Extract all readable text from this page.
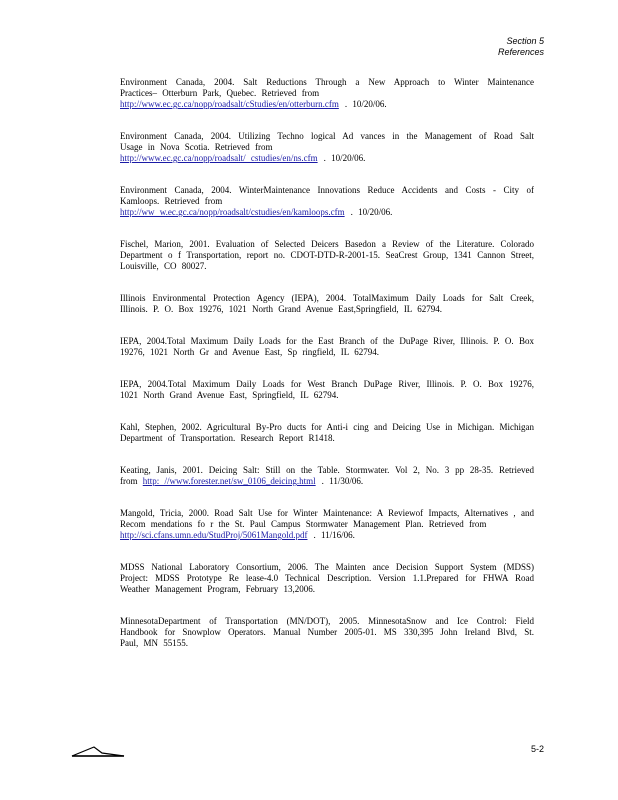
Section 5
References

Environment Canada, 2004. Salt Reductions Through a New Approach to Winter Maintenance Practices– Otterburn Park, Quebec. Retrieved from
http://www.ec.gc.ca/nopp/roadsalt/cStudies/en/otterburn.cfm . 10/20/06.

Environment Canada, 2004. Utilizing Techno logical Ad vances in the Management of Road Salt Usage in Nova Scotia. Retrieved from
http://www.ec.gc.ca/nopp/roadsalt/ cstudies/en/ns.cfm . 10/20/06.

Environment Canada, 2004. WinterMaintenance Innovations Reduce Accidents and Costs - City of Kamloops. Retrieved from
http://ww w.ec.gc.ca/nopp/roadsalt/cstudies/en/kamloops.cfm . 10/20/06.

Fischel, Marion, 2001. Evaluation of Selected Deicers Basedon a Review of the Literature. Colorado Department o f Transportation, report no. CDOT-DTD-R-2001-15. SeaCrest Group, 1341 Cannon Street, Louisville, CO 80027.

Illinois Environmental Protection Agency (IEPA), 2004. TotalMaximum Daily Loads for Salt Creek, Illinois. P. O. Box 19276, 1021 North Grand Avenue East,Springfield, IL 62794.

IEPA, 2004.Total Maximum Daily Loads for the East Branch of the DuPage River, Illinois. P. O. Box 19276, 1021 North Gr and Avenue East, Sp ringfield, IL 62794.

IEPA, 2004.Total Maximum Daily Loads for West Branch DuPage River, Illinois. P. O. Box 19276, 1021 North Grand Avenue East, Springfield, IL 62794.

Kahl, Stephen, 2002. Agricultural By-Pro ducts for Anti-i cing and Deicing Use in Michigan. Michigan Department of Transportation. Research Report R1418.

Keating, Janis, 2001. Deicing Salt: Still on the Table. Stormwater. Vol 2, No. 3 pp 28-35. Retrieved from http: //www.forester.net/sw_0106_deicing.html . 11/30/06.

Mangold, Tricia, 2000. Road Salt Use for Winter Maintenance: A Reviewof Impacts, Alternatives , and Recom mendations fo r the St. Paul Campus Stormwater Management Plan. Retrieved from
http://sci.cfans.umn.edu/StudProj/5061Mangold.pdf . 11/16/06.

MDSS National Laboratory Consortium, 2006. The Mainten ance Decision Support System (MDSS) Project: MDSS Prototype Re lease-4.0 Technical Description. Version 1.1.Prepared for FHWA Road Weather Management Program, February 13,2006.

MinnesotaDepartment of Transportation (MN/DOT), 2005. MinnesotaSnow and Ice Control: Field Handbook for Snowplow Operators. Manual Number 2005-01. MS 330,395 John Ireland Blvd, St. Paul, MN 55155.

5-2
